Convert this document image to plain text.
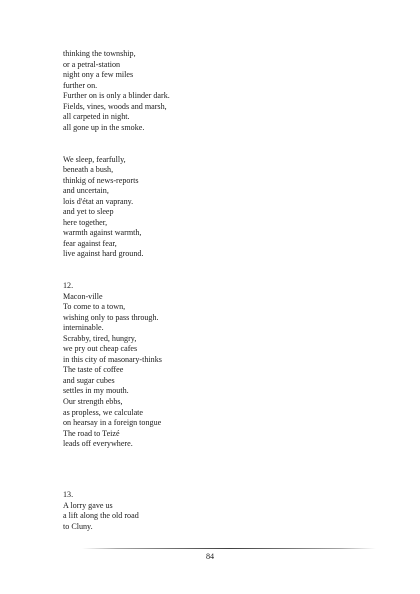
thinking the township,
or a petral-station
night ony a few miles
further on.
Further on is only a blinder dark.
Fields, vines, woods and marsh,
all carpeted in night.
all gone up in the smoke.
We sleep, fearfully,
beneath a bush,
thinkig of news-reports
and uncertain,
lois d'état an vaprany.
and yet to sleep
here together,
warmth against warmth,
fear against fear,
live against hard ground.
12.
Macon-ville
To come to a town,
wishing only to pass through.
interninable.
Scrabby, tired, hungry,
we pry out cheap cafes
in this city of masonary-thinks
The taste of coffee
and sugar cubes
settles in my mouth.
Our strength ebbs,
as propless, we calculate
on hearsay in a foreign tongue
The road to Teizé
leads off everywhere.
13.
A lorry gave us
a lift along the old road
to Cluny.
84
